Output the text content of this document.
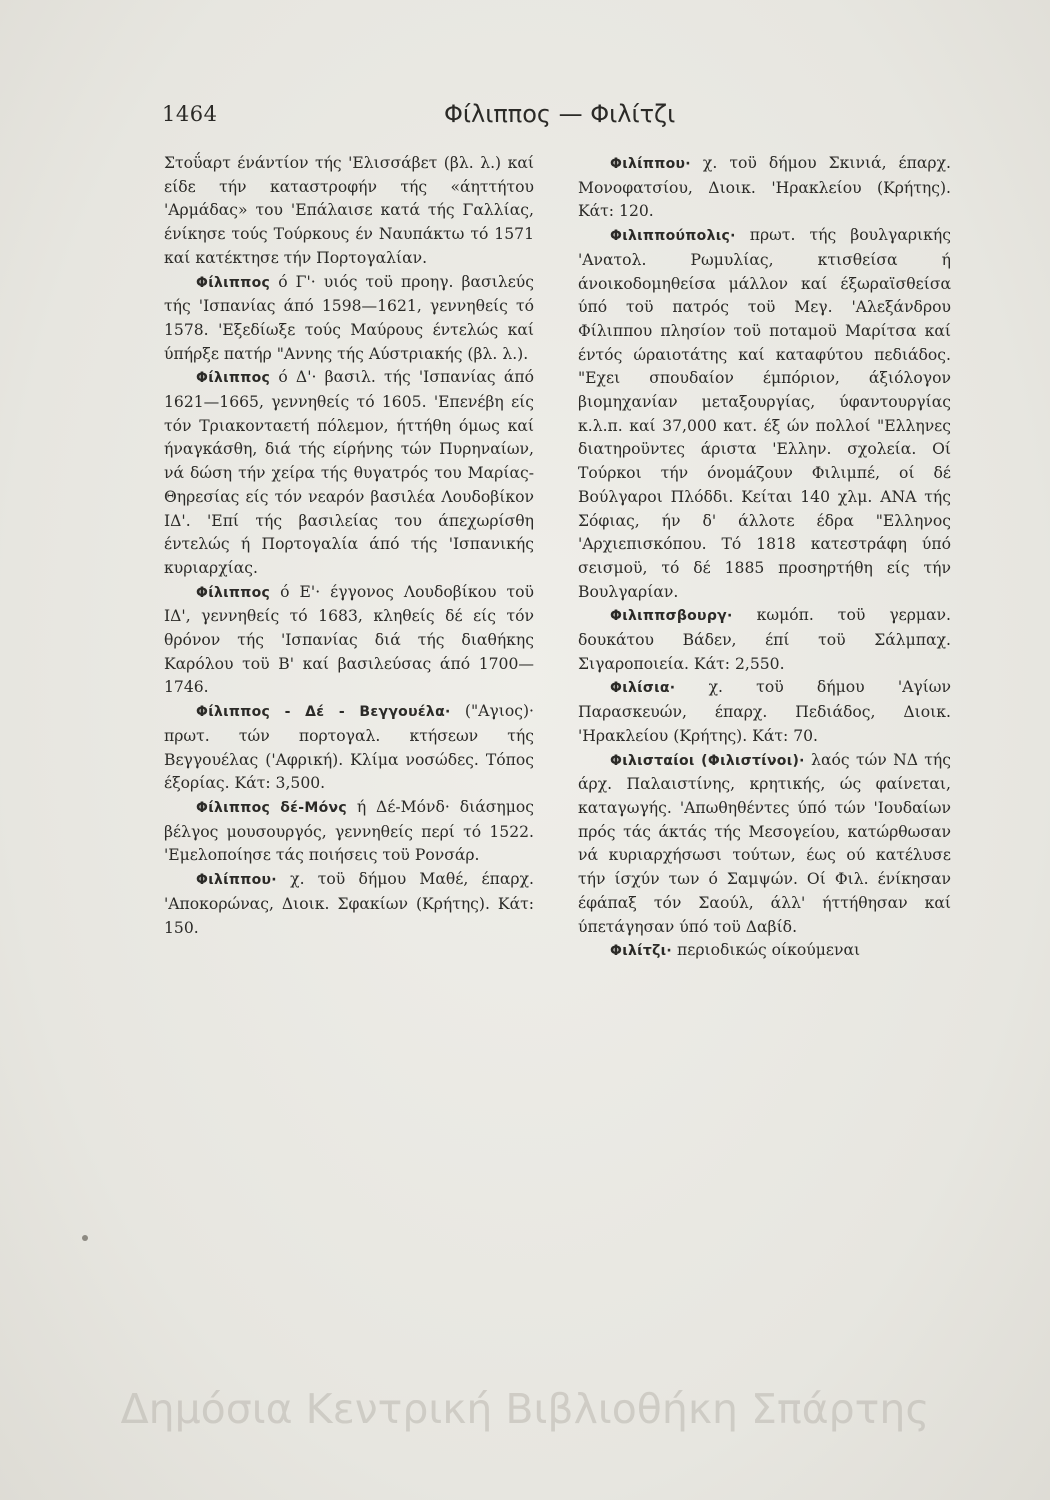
1464	Φίλιππος — Φιλίτζι

Στοΰαρτ ένάντίον τής 'Ελισσάβετ (βλ. λ.) καί είδε τήν καταστροφήν τής «άηττήτου 'Αρμάδας» του 'Επάλαισε κατά τής Γαλλίας, ένίκησε τούς Τούρκους έν Ναυπάκτω τό 1571 καί κατέκτησε τήν Πορτογαλίαν.

Φίλιππος ό Γ'· υιός τοϋ προηγ. βασιλεύς τής 'Ισπανίας άπό 1598—1621, γεννηθείς τό 1578. 'Εξεδίωξε τούς Μαύρους έντελώς καί ύπήρξε πατήρ "Αννης τής Αύστριακής (βλ. λ.).

Φίλιππος ό Δ'· βασιλ. τής 'Ισπανίας άπό 1621—1665, γεννηθείς τό 1605. 'Επενέβη είς τόν Τριακονταετή πόλεμον, ήττήθη όμως καί ήναγκάσθη, διά τής είρήνης τών Πυρηναίων, νά δώση τήν χείρα τής θυγατρός του Μαρίας-Θηρεσίας είς τόν νεαρόν βασιλέα Λουδοβίκον ΙΔ'. 'Επί τής βασιλείας του άπεχωρίσθη έντελώς ή Πορτογαλία άπό τής 'Ισπανικής κυριαρχίας.

Φίλιππος ό Ε'· έγγονος Λουδοβίκου τοϋ ΙΔ', γεννηθείς τό 1683, κληθείς δέ είς τόν θρόνον τής 'Ισπανίας διά τής διαθήκης Καρόλου τοϋ Β' καί βασιλεύσας άπό 1700—1746.

Φίλιππος - Δέ - Βεγγουέλα· ("Αγιος)· πρωτ. τών πορτογαλ. κτήσεων τής Βεγγουέλας ('Αφρική). Κλίμα νοσώδες. Τόπος έξορίας. Κάτ: 3,500.

Φίλιππος δέ-Μόνς ή Δέ-Μόνδ· διάσημος βέλγος μουσουργός, γεννηθείς περί τό 1522. 'Εμελοποίησε τάς ποιήσεις τοϋ Ρονσάρ.

Φιλίππου· χ. τοϋ δήμου Μαθέ, έπαρχ. 'Αποκορώνας, Διοικ. Σφακίων (Κρήτης). Κάτ: 150.

Φιλίππου· χ. τοϋ δήμου Σκινιά, έπαρχ. Μονοφατσίου, Διοικ. 'Ηρακλείου (Κρήτης). Κάτ: 120.

Φιλιππούπολις· πρωτ. τής βουλγαρικής 'Ανατολ. Ρωμυλίας, κτισθείσα ή άνοικοδομηθείσα μάλλον καί έξωραϊσθείσα ύπό τοϋ πατρός τοϋ Μεγ. 'Αλεξάνδρου Φίλιππου πλησίον τοϋ ποταμοϋ Μαρίτσα καί έντός ώραιοτάτης καί καταφύτου πεδιάδος. "Εχει σπουδαίον έμπόριον, άξιόλογον βιομηχανίαν μεταξουργίας, ύφαντουργίας κ.λ.π. καί 37,000 κατ. έξ ών πολλοί "Ελληνες διατηροϋντες άριστα 'Ελλην. σχολεία. Οί Τούρκοι τήν όνομάζουν Φιλιμπέ, οί δέ Βούλγαροι Πλόδδι. Κείται 140 χλμ. ΑΝΑ τής Σόφιας, ήν δ' άλλοτε έδρα "Ελληνος 'Αρχιεπισκόπου. Τό 1818 κατεστράφη ύπό σεισμοϋ, τό δέ 1885 προσηρτήθη είς τήν Βουλγαρίαν.

Φιλιππσβουργ· κωμόπ. τοϋ γερμαν. δουκάτου Βάδεν, έπί τοϋ Σάλμπαχ. Σιγαροποιεία. Κάτ: 2,550.

Φιλίσια· χ. τοϋ δήμου 'Αγίων Παρασκευών, έπαρχ. Πεδιάδος, Διοικ. 'Ηρακλείου (Κρήτης). Κάτ: 70.

Φιλισταίοι (Φιλιστίνοι)· λαός τών ΝΔ τής άρχ. Παλαιστίνης, κρητικής, ώς φαίνεται, καταγωγής. 'Απωθηθέντες ύπό τών 'Ιουδαίων πρός τάς άκτάς τής Μεσογείου, κατώρθωσαν νά κυριαρχήσωσι τούτων, έως ού κατέλυσε τήν ίσχύν των ό Σαμψών. Οί Φιλ. ένίκησαν έφάπαξ τόν Σαούλ, άλλ' ήττήθησαν καί ύπετάγησαν ύπό τοϋ Δαβίδ.

Φιλίτζι· περιοδικώς οίκούμεναι

Δημόσια Κεντρική Βιβλιοθήκη Σπάρτης
